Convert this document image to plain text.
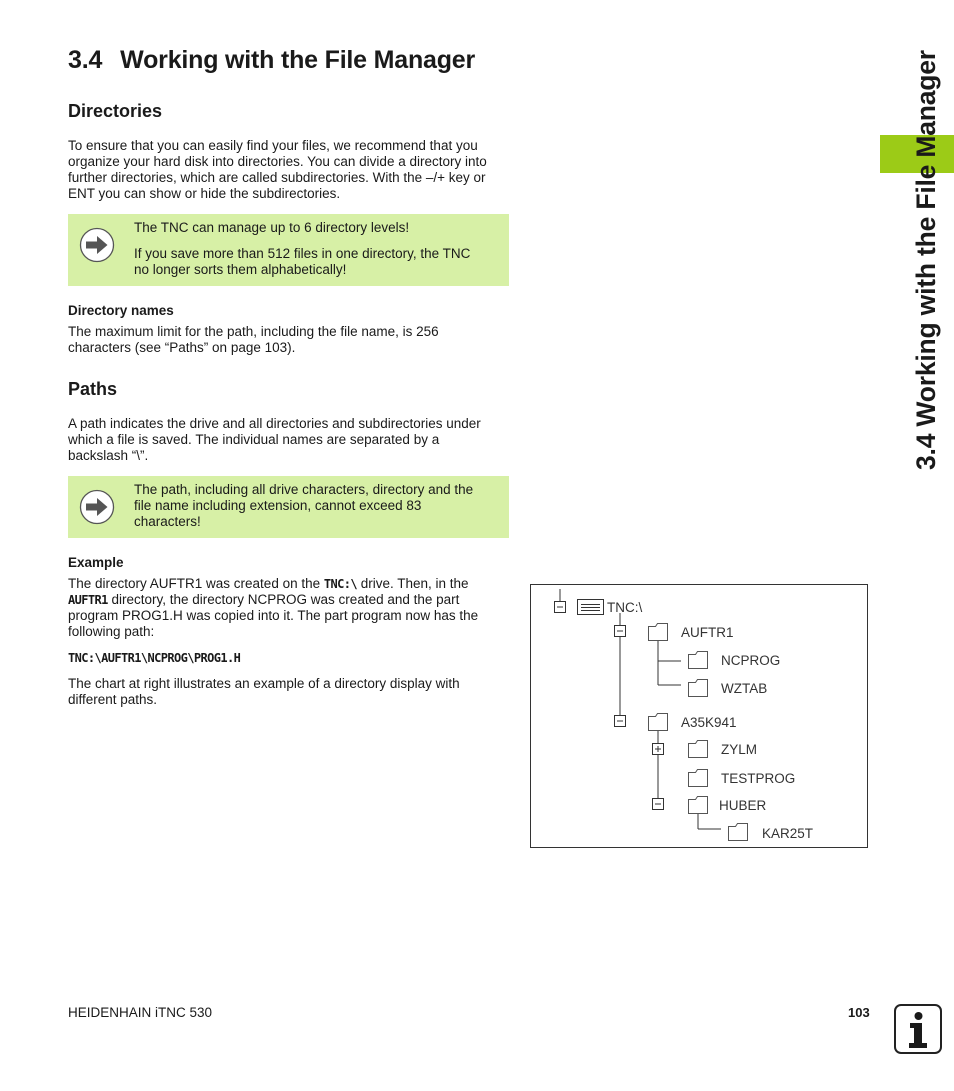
3.4 Working with the File Manager	3.4 Working with the File Manager
Directories
To ensure that you can easily find your files, we recommend that you
organize your hard disk into directories. You can divide a directory into
further directories, which are called subdirectories. With the –/+ key or
ENT you can show or hide the subdirectories.
The TNC can manage up to 6 directory levels!
If you save more than 512 files in one directory, the TNC
no longer sorts them alphabetically!
Directory names
The maximum limit for the path, including the file name, is 256
characters (see “Paths” on page 103).
Paths
A path indicates the drive and all directories and subdirectories under
which a file is saved. The individual names are separated by a
backslash “\”.
The path, including all drive characters, directory and the
file name including extension, cannot exceed 83
characters!
Example
The directory AUFTR1 was created on the TNC:\ drive. Then, in the
AUFTR1 directory, the directory NCPROG was created and the part
program PROG1.H was copied into it. The part program now has the
following path:
TNC:\AUFTR1\NCPROG\PROG1.H
The chart at right illustrates an example of a directory display with
different paths.
TNC:\
AUFTR1
NCPROG
WZTAB
A35K941
ZYLM
TESTPROG
HUBER
KAR25T
HEIDENHAIN iTNC 530	103
